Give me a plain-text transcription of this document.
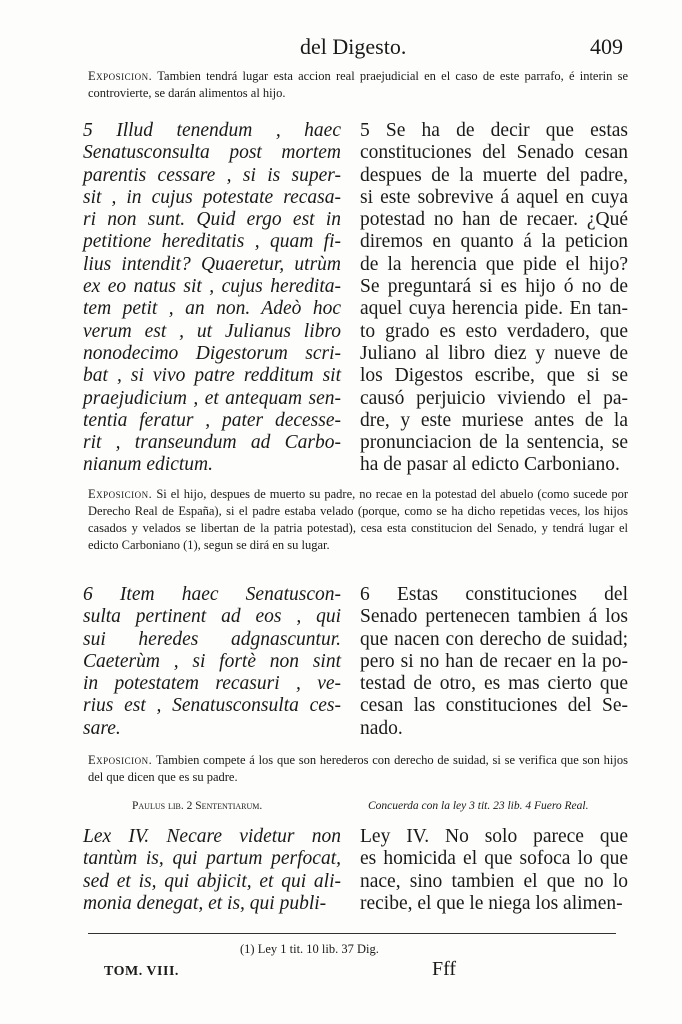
del Digesto.	409
Exposicion. Tambien tendrá lugar esta accion real praejudicial en el caso de este parrafo, é interin se controvierte, se darán alimentos al hijo.
5 Illud tenendum , haec
Senatusconsulta post mortem
parentis cessare , si is super-
sit , in cujus potestate recasa-
ri non sunt. Quid ergo est in
petitione hereditatis , quam fi-
lius intendit? Quaeretur, utrùm
ex eo natus sit , cujus heredita-
tem petit , an non. Adeò hoc
verum est , ut Julianus libro
nonodecimo Digestorum scri-
bat , si vivo patre redditum sit
praejudicium , et antequam sen-
tentia feratur , pater decesse-
rit , transeundum ad Carbo-
nianum edictum.
5 Se ha de decir que estas
constituciones del Senado cesan
despues de la muerte del padre,
si este sobrevive á aquel en cuya
potestad no han de recaer. ¿Qué
diremos en quanto á la peticion
de la herencia que pide el hijo?
Se preguntará si es hijo ó no de
aquel cuya herencia pide. En tan-
to grado es esto verdadero, que
Juliano al libro diez y nueve de
los Digestos escribe, que si se
causó perjuicio viviendo el pa-
dre, y este muriese antes de la
pronunciacion de la sentencia, se
ha de pasar al edicto Carboniano.
Exposicion. Si el hijo, despues de muerto su padre, no recae en la potestad del abuelo (como sucede por Derecho Real de España), si el padre estaba velado (porque, como se ha dicho repetidas veces, los hijos casados y velados se libertan de la patria potestad), cesa esta constitucion del Senado, y tendrá lugar el edicto Carboniano (1), segun se dirá en su lugar.
6 Item haec Senatuscon-
sulta pertinent ad eos , qui
sui heredes adgnascuntur.
Caeterùm , si fortè non sint
in potestatem recasuri , ve-
rius est , Senatusconsulta ces-
sare.
6 Estas constituciones del
Senado pertenecen tambien á los
que nacen con derecho de suidad;
pero si no han de recaer en la po-
testad de otro, es mas cierto que
cesan las constituciones del Se-
nado.
Exposicion. Tambien compete á los que son herederos con derecho de suidad, si se verifica que son hijos del que dicen que es su padre.
Paulus lib. 2 Sententiarum.	Concuerda con la ley 3 tit. 23 lib. 4 Fuero Real.
Lex IV. Necare videtur non
tantùm is, qui partum perfocat,
sed et is, qui abjicit, et qui ali-
monia denegat, et is, qui publi-
Ley IV. No solo parece que
es homicida el que sofoca lo que
nace, sino tambien el que no lo
recibe, el que le niega los alimen-
(1) Ley 1 tit. 10 lib. 37 Dig.
TOM. VIII.	Fff
